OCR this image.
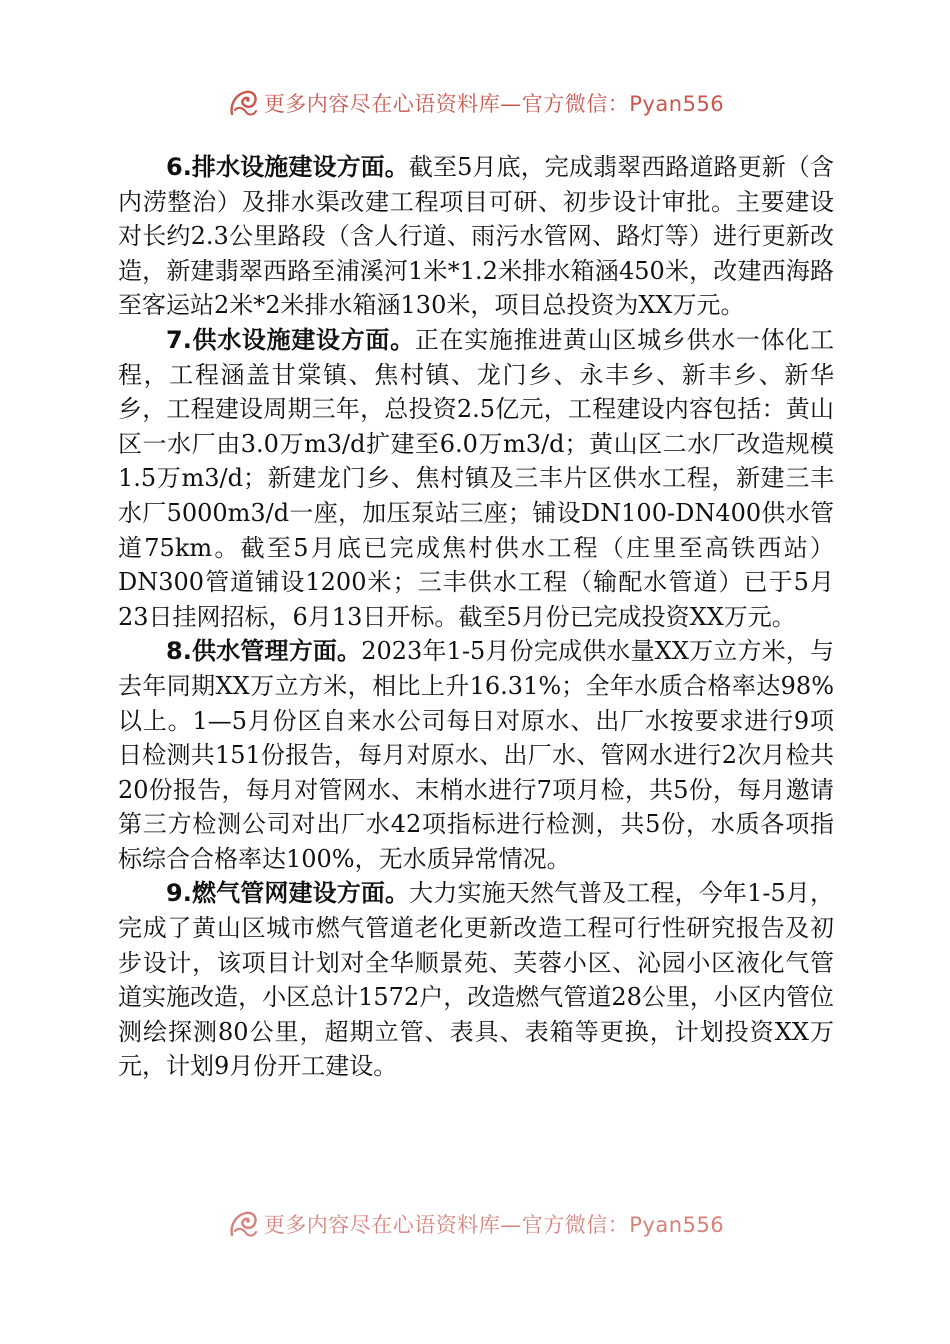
更多内容尽在心语资料库—官方微信：Pyan556

6.排水设施建设方面。截至5月底，完成翡翠西路道路更新（含内涝整治）及排水渠改建工程项目可研、初步设计审批。主要建设对长约2.3公里路段（含人行道、雨污水管网、路灯等）进行更新改造，新建翡翠西路至浦溪河1米*1.2米排水箱涵450米，改建西海路至客运站2米*2米排水箱涵130米，项目总投资为XX万元。

7.供水设施建设方面。正在实施推进黄山区城乡供水一体化工程，工程涵盖甘棠镇、焦村镇、龙门乡、永丰乡、新丰乡、新华乡，工程建设周期三年，总投资2.5亿元，工程建设内容包括：黄山区一水厂由3.0万m3/d扩建至6.0万m3/d；黄山区二水厂改造规模1.5万m3/d；新建龙门乡、焦村镇及三丰片区供水工程，新建三丰水厂5000m3/d一座，加压泵站三座；铺设DN100-DN400供水管道75km。截至5月底已完成焦村供水工程（庄里至高铁西站）DN300管道铺设1200米；三丰供水工程（输配水管道）已于5月23日挂网招标，6月13日开标。截至5月份已完成投资XX万元。

8.供水管理方面。2023年1-5月份完成供水量XX万立方米，与去年同期XX万立方米，相比上升16.31%；全年水质合格率达98%以上。1—5月份区自来水公司每日对原水、出厂水按要求进行9项日检测共151份报告，每月对原水、出厂水、管网水进行2次月检共20份报告，每月对管网水、末梢水进行7项月检，共5份，每月邀请第三方检测公司对出厂水42项指标进行检测，共5份，水质各项指标综合合格率达100%，无水质异常情况。

9.燃气管网建设方面。大力实施天然气普及工程，今年1-5月，完成了黄山区城市燃气管道老化更新改造工程可行性研究报告及初步设计，该项目计划对全华顺景苑、芙蓉小区、沁园小区液化气管道实施改造，小区总计1572户，改造燃气管道28公里，小区内管位测绘探测80公里，超期立管、表具、表箱等更换，计划投资XX万元，计划9月份开工建设。

更多内容尽在心语资料库—官方微信：Pyan556
